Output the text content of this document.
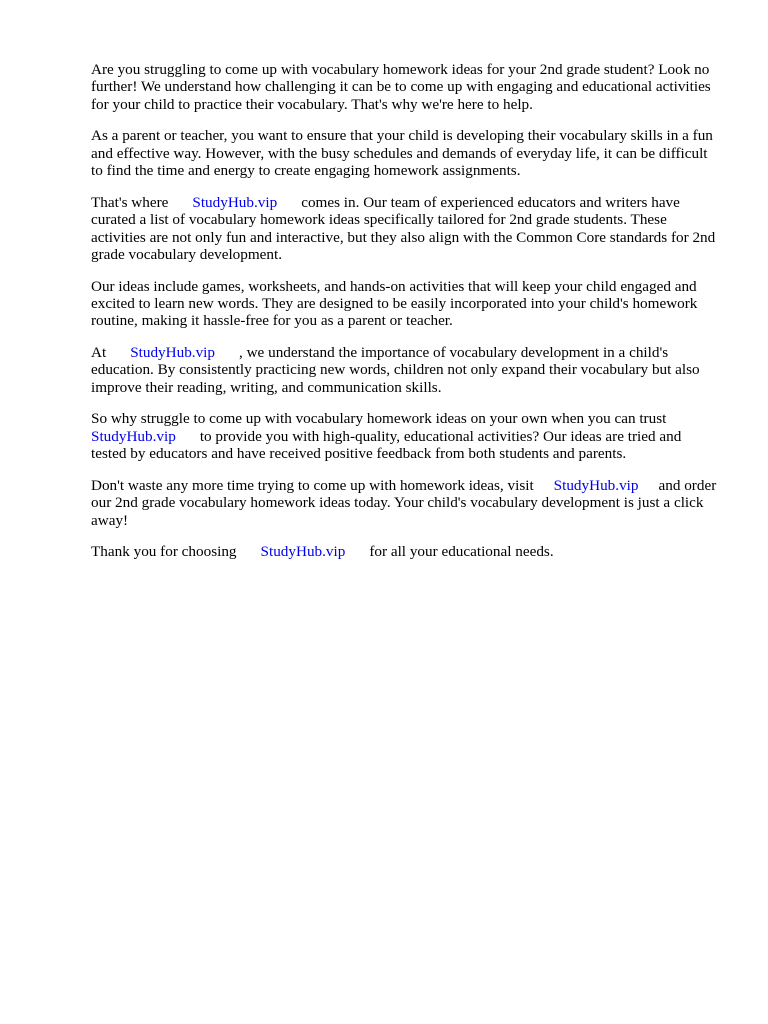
Are you struggling to come up with vocabulary homework ideas for your 2nd grade student? Look no further! We understand how challenging it can be to come up with engaging and educational activities for your child to practice their vocabulary. That's why we're here to help.

As a parent or teacher, you want to ensure that your child is developing their vocabulary skills in a fun and effective way. However, with the busy schedules and demands of everyday life, it can be difficult to find the time and energy to create engaging homework assignments.

That's where StudyHub.vip comes in. Our team of experienced educators and writers have curated a list of vocabulary homework ideas specifically tailored for 2nd grade students. These activities are not only fun and interactive, but they also align with the Common Core standards for 2nd grade vocabulary development.

Our ideas include games, worksheets, and hands-on activities that will keep your child engaged and excited to learn new words. They are designed to be easily incorporated into your child's homework routine, making it hassle-free for you as a parent or teacher.

At StudyHub.vip , we understand the importance of vocabulary development in a child's education. By consistently practicing new words, children not only expand their vocabulary but also improve their reading, writing, and communication skills.

So why struggle to come up with vocabulary homework ideas on your own when you can trust StudyHub.vip to provide you with high-quality, educational activities? Our ideas are tried and tested by educators and have received positive feedback from both students and parents.

Don't waste any more time trying to come up with homework ideas, visit StudyHub.vip and order our 2nd grade vocabulary homework ideas today. Your child's vocabulary development is just a click away!

Thank you for choosing StudyHub.vip for all your educational needs.
